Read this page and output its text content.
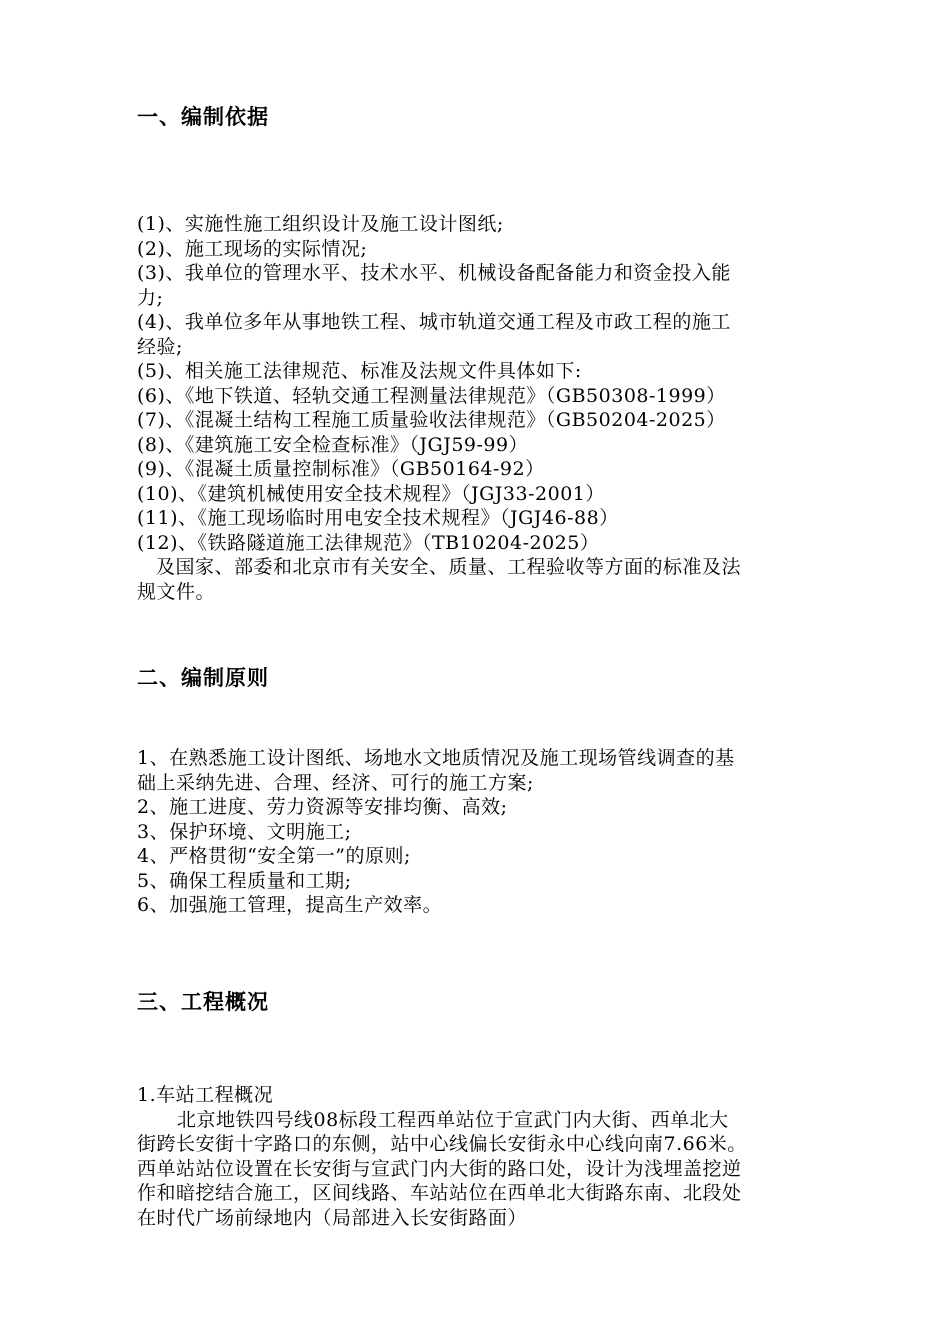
一、编制依据
(1)、实施性施工组织设计及施工设计图纸;
(2)、施工现场的实际情况;
(3)、我单位的管理水平、技术水平、机械设备配备能力和资金投入能
力;
(4)、我单位多年从事地铁工程、城市轨道交通工程及市政工程的施工
经验;
(5)、相关施工法律规范、标准及法规文件具体如下:
(6)、《地下铁道、轻轨交通工程测量法律规范》（GB50308-1999）
(7)、《混凝土结构工程施工质量验收法律规范》（GB50204-2025）
(8)、《建筑施工安全检查标准》（JGJ59-99）
(9)、《混凝土质量控制标准》（GB50164-92）
(10)、《建筑机械使用安全技术规程》（JGJ33-2001）
(11)、《施工现场临时用电安全技术规程》（JGJ46-88）
(12)、《铁路隧道施工法律规范》（TB10204-2025）
及国家、部委和北京市有关安全、质量、工程验收等方面的标准及法
规文件。
二、编制原则
1、在熟悉施工设计图纸、场地水文地质情况及施工现场管线调查的基
础上采纳先进、合理、经济、可行的施工方案;
2、施工进度、劳力资源等安排均衡、高效;
3、保护环境、文明施工;
4、严格贯彻“安全第一”的原则;
5、确保工程质量和工期;
6、加强施工管理，提高生产效率。
三、工程概况
1.车站工程概况
北京地铁四号线08标段工程西单站位于宣武门内大街、西单北大
街跨长安街十字路口的东侧，站中心线偏长安街永中心线向南7.66米。
西单站站位设置在长安街与宣武门内大街的路口处，设计为浅埋盖挖逆
作和暗挖结合施工，区间线路、车站站位在西单北大街路东南、北段处
在时代广场前绿地内（局部进入长安街路面）
